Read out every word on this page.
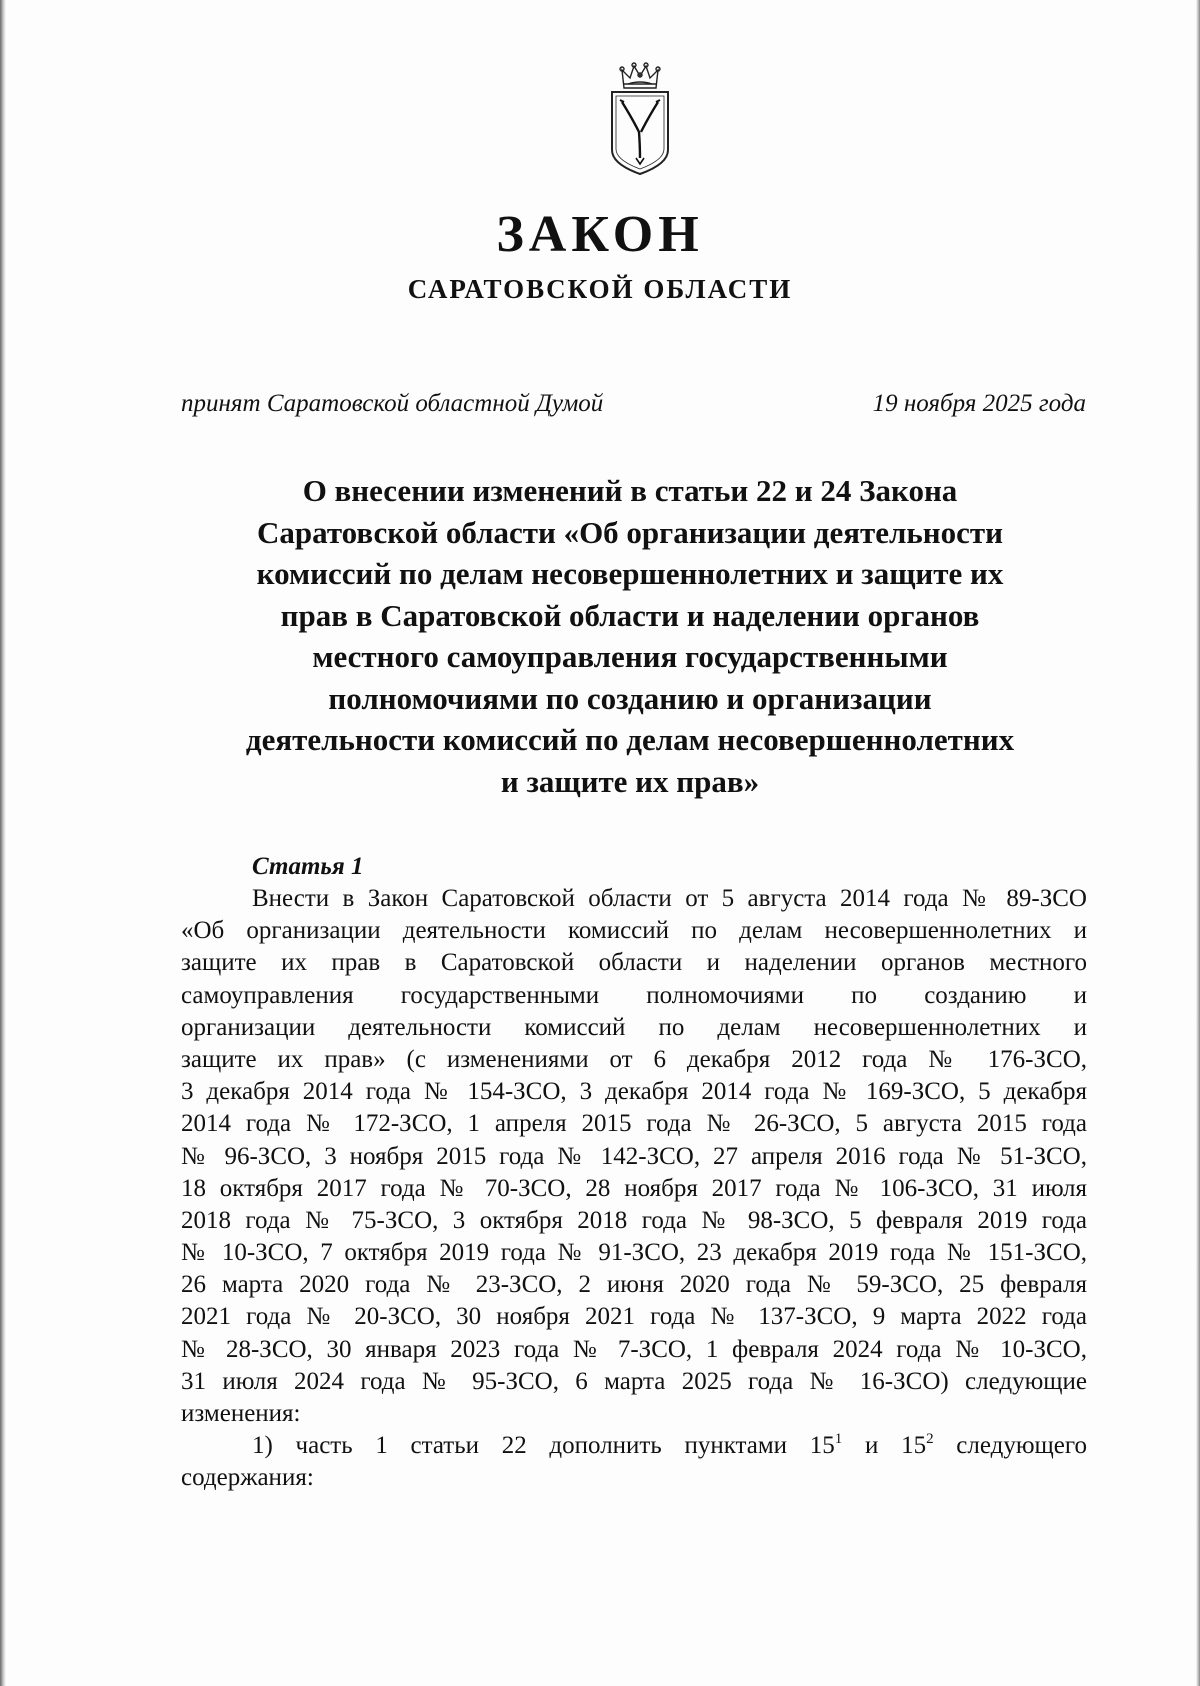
ЗАКОН
САРАТОВСКОЙ ОБЛАСТИ
принят Саратовской областной Думой	19 ноября 2025 года
О внесении изменений в статьи 22 и 24 Закона
Саратовской области «Об организации деятельности
комиссий по делам несовершеннолетних и защите их
прав в Саратовской области и наделении органов
местного самоуправления государственными
полномочиями по созданию и организации
деятельности комиссий по делам несовершеннолетних
и защите их прав»
Статья 1
Внести в Закон Саратовской области от 5 августа 2014 года № 89-ЗСО
«Об организации деятельности комиссий по делам несовершеннолетних и
защите их прав в Саратовской области и наделении органов местного
самоуправления государственными полномочиями по созданию и
организации деятельности комиссий по делам несовершеннолетних и
защите их прав» (с изменениями от 6 декабря 2012 года № 176-ЗСО,
3 декабря 2014 года № 154-ЗСО, 3 декабря 2014 года № 169-ЗСО, 5 декабря
2014 года № 172-ЗСО, 1 апреля 2015 года № 26-ЗСО, 5 августа 2015 года
№ 96-ЗСО, 3 ноября 2015 года № 142-ЗСО, 27 апреля 2016 года № 51-ЗСО,
18 октября 2017 года № 70-ЗСО, 28 ноября 2017 года № 106-ЗСО, 31 июля
2018 года № 75-ЗСО, 3 октября 2018 года № 98-ЗСО, 5 февраля 2019 года
№ 10-ЗСО, 7 октября 2019 года № 91-ЗСО, 23 декабря 2019 года № 151-ЗСО,
26 марта 2020 года № 23-ЗСО, 2 июня 2020 года № 59-ЗСО, 25 февраля
2021 года № 20-ЗСО, 30 ноября 2021 года № 137-ЗСО, 9 марта 2022 года
№ 28-ЗСО, 30 января 2023 года № 7-ЗСО, 1 февраля 2024 года № 10-ЗСО,
31 июля 2024 года № 95-ЗСО, 6 марта 2025 года № 16-ЗСО) следующие
изменения:
1) часть 1 статьи 22 дополнить пунктами $15^1$ и $15^2$ следующего
содержания:
